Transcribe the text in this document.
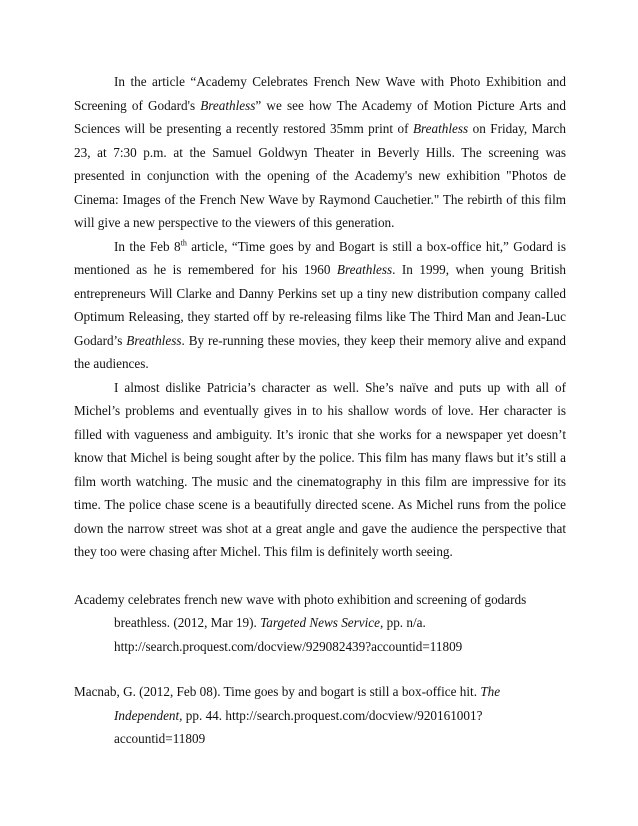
In the article “Academy Celebrates French New Wave with Photo Exhibition and Screening of Godard's Breathless” we see how The Academy of Motion Picture Arts and Sciences will be presenting a recently restored 35mm print of Breathless on Friday, March 23, at 7:30 p.m. at the Samuel Goldwyn Theater in Beverly Hills. The screening was presented in conjunction with the opening of the Academy's new exhibition "Photos de Cinema: Images of the French New Wave by Raymond Cauchetier." The rebirth of this film will give a new perspective to the viewers of this generation.

In the Feb 8th article, “Time goes by and Bogart is still a box-office hit,” Godard is mentioned as he is remembered for his 1960 Breathless. In 1999, when young British entrepreneurs Will Clarke and Danny Perkins set up a tiny new distribution company called Optimum Releasing, they started off by re-releasing films like The Third Man and Jean-Luc Godard’s Breathless. By re-running these movies, they keep their memory alive and expand the audiences.

I almost dislike Patricia’s character as well. She’s naïve and puts up with all of Michel’s problems and eventually gives in to his shallow words of love. Her character is filled with vagueness and ambiguity. It’s ironic that she works for a newspaper yet doesn’t know that Michel is being sought after by the police. This film has many flaws but it’s still a film worth watching. The music and the cinematography in this film are impressive for its time. The police chase scene is a beautifully directed scene. As Michel runs from the police down the narrow street was shot at a great angle and gave the audience the perspective that they too were chasing after Michel. This film is definitely worth seeing.

Academy celebrates french new wave with photo exhibition and screening of godards breathless. (2012, Mar 19). Targeted News Service, pp. n/a. http://search.proquest.com/docview/929082439?accountid=11809

Macnab, G. (2012, Feb 08). Time goes by and bogart is still a box-office hit. The Independent, pp. 44. http://search.proquest.com/docview/920161001?accountid=11809
